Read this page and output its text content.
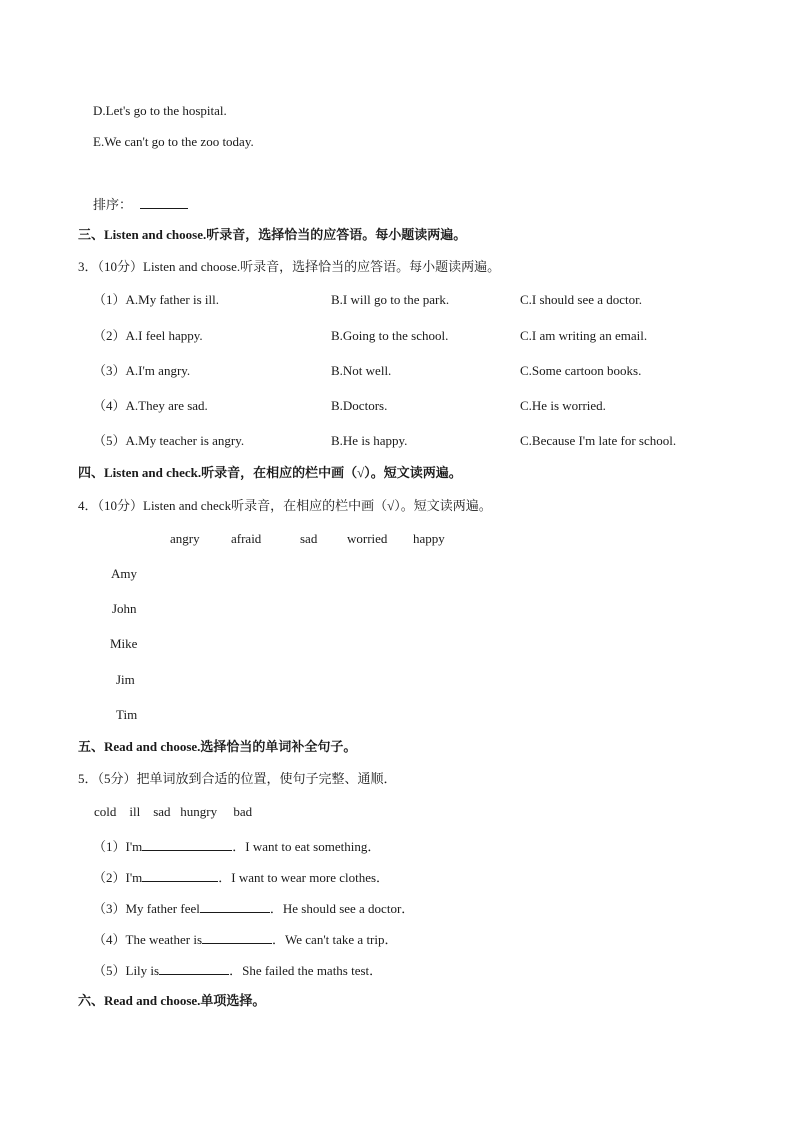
D.Let's go to the hospital.
E.We can't go to the zoo today.
排序：
三、Listen and choose.听录音，选择恰当的应答语。每小题读两遍。
3．（10分）Listen and choose.听录音，选择恰当的应答语。每小题读两遍。
（1）A.My father is ill.	B.I will go to the park.	C.I should see a doctor.
（2）A.I feel happy.	B.Going to the school.	C.I am writing an email.
（3）A.I'm angry.	B.Not well.	C.Some cartoon books.
（4）A.They are sad.	B.Doctors.	C.He is worried.
（5）A.My teacher is angry.	B.He is happy.	C.Because I'm late for school.
四、Listen and check.听录音，在相应的栏中画（√）。短文读两遍。
4．（10分）Listen and check听录音，在相应的栏中画（√）。短文读两遍。
angry afraid	sad worried happy
Amy
John
Mike
Jim
Tim
五、Read and choose.选择恰当的单词补全句子。
5．（5分）把单词放到合适的位置，使句子完整、通顺．
cold    ill    sad   hungry     bad
（1）I'm	．I want to eat something．
（2）I'm	．I want to wear more clothes．
（3）My father feel	．He should see a doctor．
（4）The weather is	．We can't take a trip．
（5）Lily is	．She failed the maths test．
六、Read and choose.单项选择。
